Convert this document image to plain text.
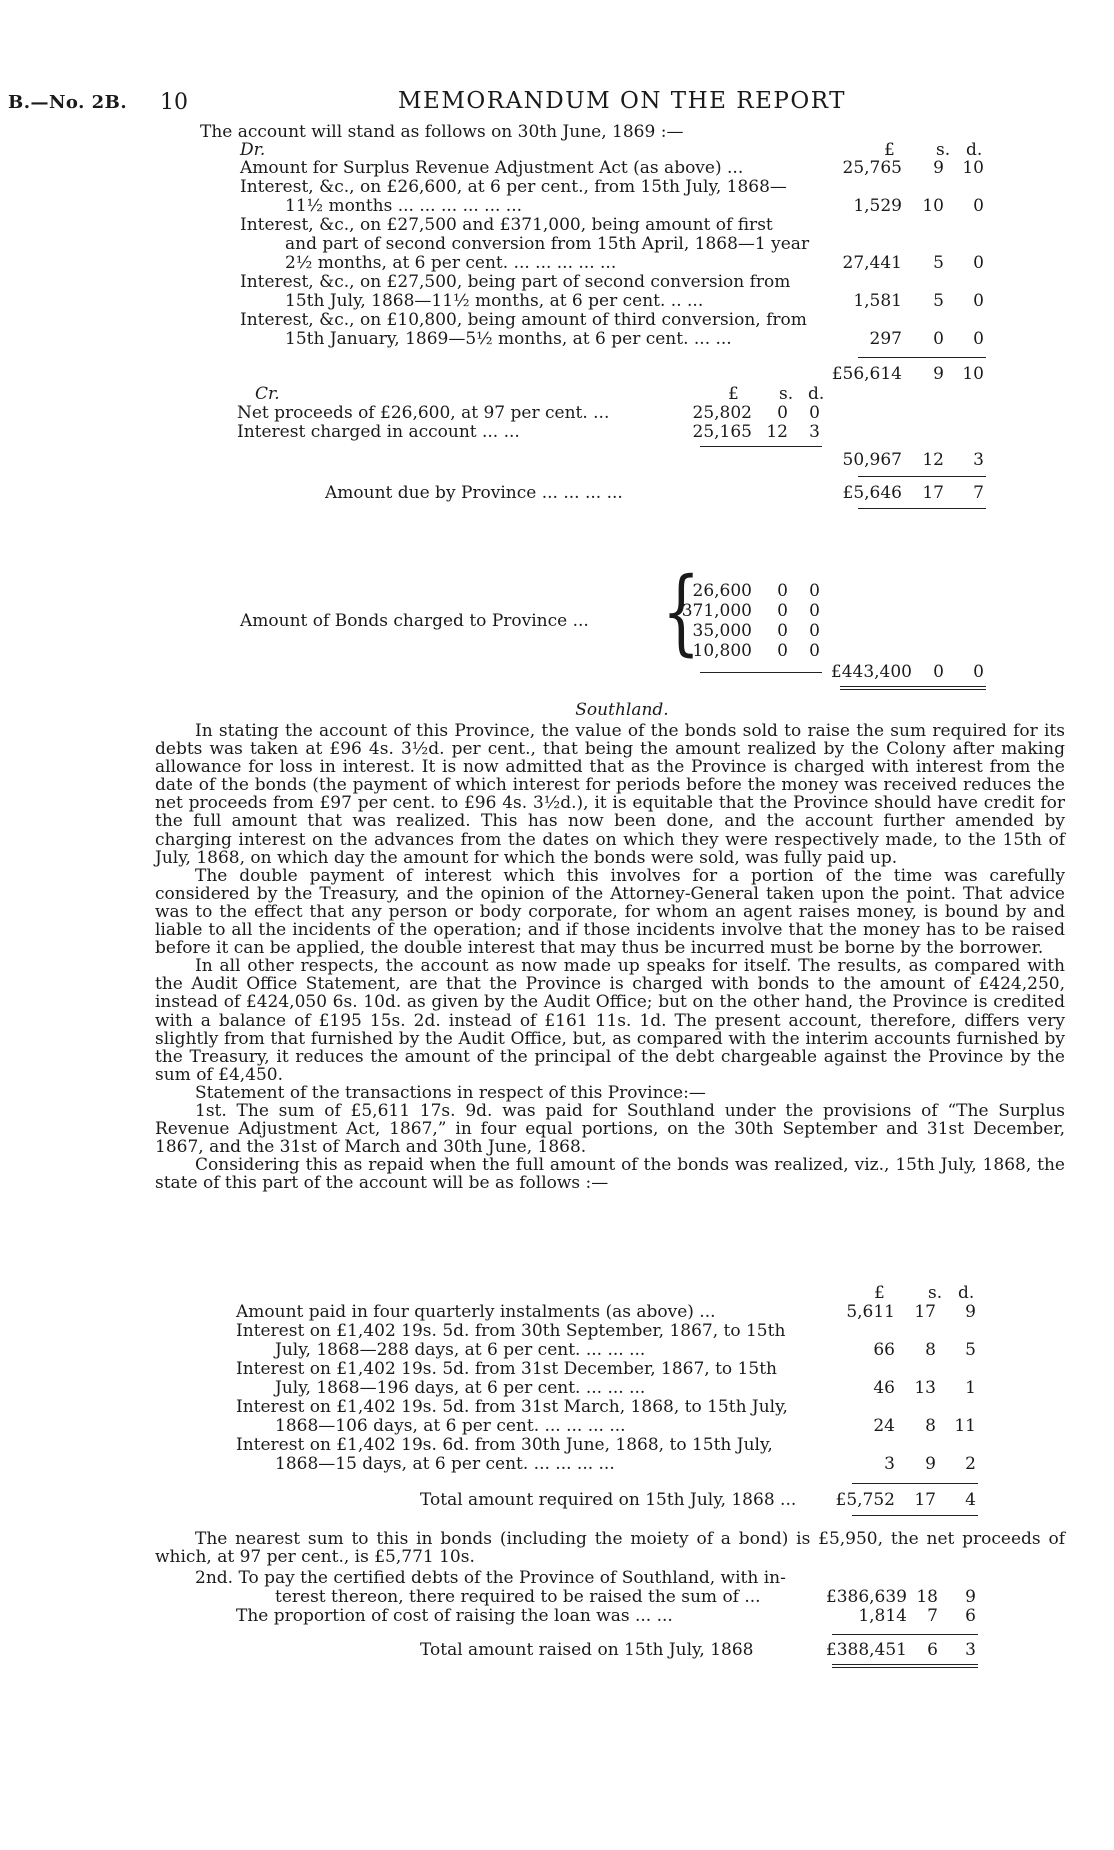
B.—No. 2B. 10	MEMORANDUM ON THE REPORT
The account will stand as follows on 30th June, 1869 :—
Dr.	£ s. d.
Amount for Surplus Revenue Adjustment Act (as above) ...	25,765	9	10
Interest, &c., on £26,600, at 6 per cent., from 15th July, 1868—
11½ months ... ... ... ... ... ...	1,529	10	0
Interest, &c., on £27,500 and £371,000, being amount of first
and part of second conversion from 15th April, 1868—1 year
2½ months, at 6 per cent. ... ... ... ... ...	27,441	5	0
Interest, &c., on £27,500, being part of second conversion from
15th July, 1868—11½ months, at 6 per cent. .. ...	1,581	5	0
Interest, &c., on £10,800, being amount of third conversion, from
15th January, 1869—5½ months, at 6 per cent. ... ...	297	0	0
£56,614	9	10
Cr.	£ s. d.
Net proceeds of £26,600, at 97 per cent. ...	25,802	0	0
Interest charged in account ... ...	25,165 12	3
50,967	12	3
Amount due by Province ... ... ... ...	£5,646	17	7
Amount of Bonds charged to Province ... {
26,600	0	0
371,000	0	0
35,000	0	0
10,800	0	0
£443,400	0	0
Southland.

In stating the account of this Province, the value of the bonds sold to raise the sum required for its debts was taken at £96 4s. 3½d. per cent., that being the amount realized by the Colony after making allowance for loss in interest. It is now admitted that as the Province is charged with interest from the date of the bonds (the payment of which interest for periods before the money was received reduces the net proceeds from £97 per cent. to £96 4s. 3½d.), it is equitable that the Province should have credit for the full amount that was realized. This has now been done, and the account further amended by charging interest on the advances from the dates on which they were respectively made, to the 15th of July, 1868, on which day the amount for which the bonds were sold, was fully paid up.

The double payment of interest which this involves for a portion of the time was carefully considered by the Treasury, and the opinion of the Attorney-General taken upon the point. That advice was to the effect that any person or body corporate, for whom an agent raises money, is bound by and liable to all the incidents of the operation; and if those incidents involve that the money has to be raised before it can be applied, the double interest that may thus be incurred must be borne by the borrower.

In all other respects, the account as now made up speaks for itself. The results, as compared with the Audit Office Statement, are that the Province is charged with bonds to the amount of £424,250, instead of £424,050 6s. 10d. as given by the Audit Office; but on the other hand, the Province is credited with a balance of £195 15s. 2d. instead of £161 11s. 1d. The present account, therefore, differs very slightly from that furnished by the Audit Office, but, as compared with the interim accounts furnished by the Treasury, it reduces the amount of the principal of the debt chargeable against the Province by the sum of £4,450.

Statement of the transactions in respect of this Province:—

1st. The sum of £5,611 17s. 9d. was paid for Southland under the provisions of “The Surplus Revenue Adjustment Act, 1867,” in four equal portions, on the 30th September and 31st December, 1867, and the 31st of March and 30th June, 1868.

Considering this as repaid when the full amount of the bonds was realized, viz., 15th July, 1868, the state of this part of the account will be as follows :—

£	s. d.
Amount paid in four quarterly instalments (as above) ...	5,611	17	9
Interest on £1,402 19s. 5d. from 30th September, 1867, to 15th
July, 1868—288 days, at 6 per cent. ... ... ...	66	8	5
Interest on £1,402 19s. 5d. from 31st December, 1867, to 15th
July, 1868—196 days, at 6 per cent. ... ... ...	46	13	1
Interest on £1,402 19s. 5d. from 31st March, 1868, to 15th July,
1868—106 days, at 6 per cent. ... ... ... ...	24	8	11
Interest on £1,402 19s. 6d. from 30th June, 1868, to 15th July,
1868—15 days, at 6 per cent. ... ... ... ...	3	9	2
Total amount required on 15th July, 1868 ...	£5,752	17	4

The nearest sum to this in bonds (including the moiety of a bond) is £5,950, the net proceeds of which, at 97 per cent., is £5,771 10s.

2nd. To pay the certified debts of the Province of Southland, with in-
terest thereon, there required to be raised the sum of ...	£386,639 18	9
The proportion of cost of raising the loan was ... ...	1,814	7	6
Total amount raised on 15th July, 1868	£388,451	6	3
